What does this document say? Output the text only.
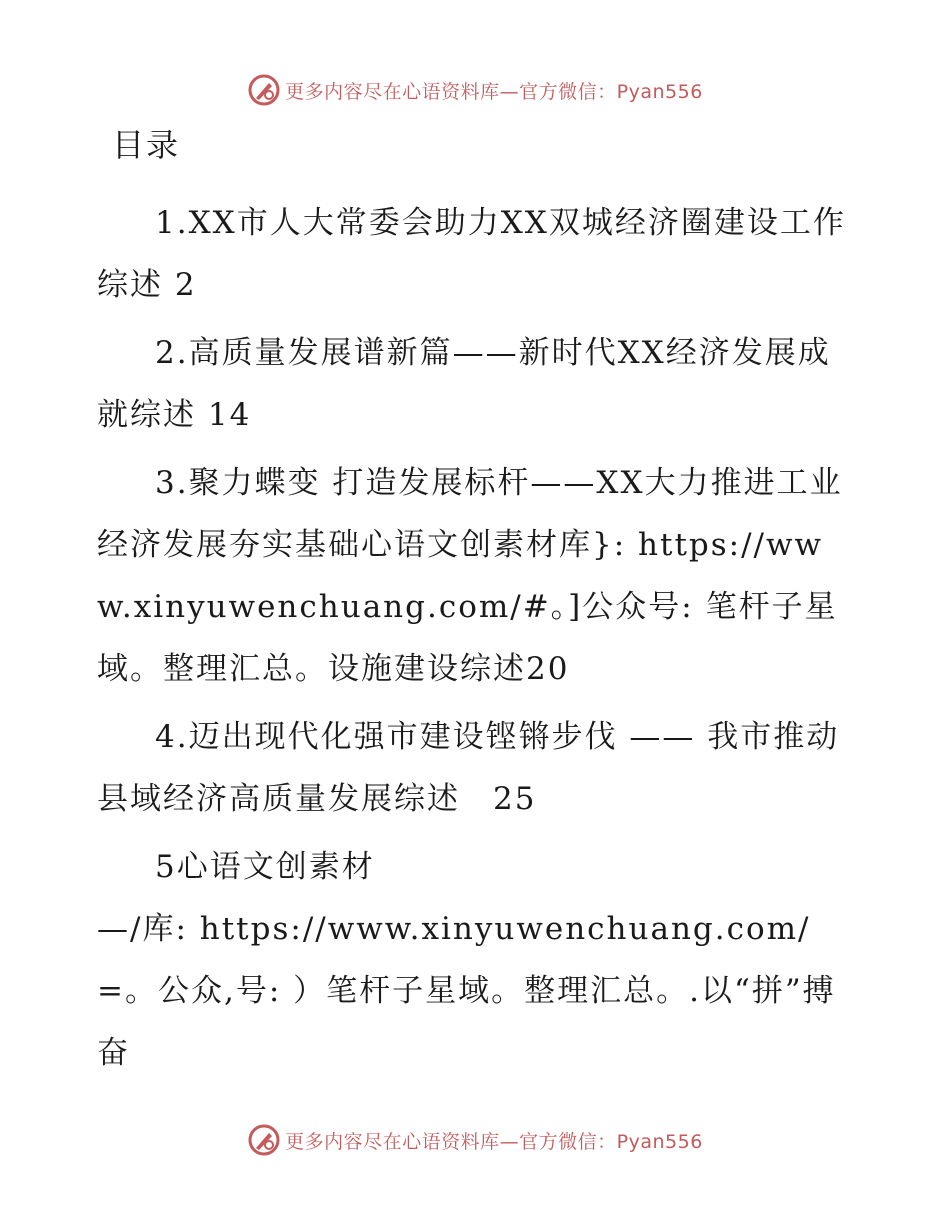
更多内容尽在心语资料库—官方微信：Pyan556
目录

1.XX市人大常委会助力XX双城经济圈建设工作综述 2

2.高质量发展谱新篇——新时代XX经济发展成就综述 14

3.聚力蝶变 打造发展标杆——XX大力推进工业经济发展夯实基础心语文创素材库}: https://www.xinyuwenchuang.com/#。]公众号: 笔杆子星域。整理汇总。设施建设综述20

4.迈出现代化强市建设铿锵步伐 —— 我市推动县域经济高质量发展综述　25

5心语文创素材

—/库: https://www.xinyuwenchuang.com/=。公众,号: ）笔杆子星域。整理汇总。.以“拼”搏奋

更多内容尽在心语资料库—官方微信：Pyan556
